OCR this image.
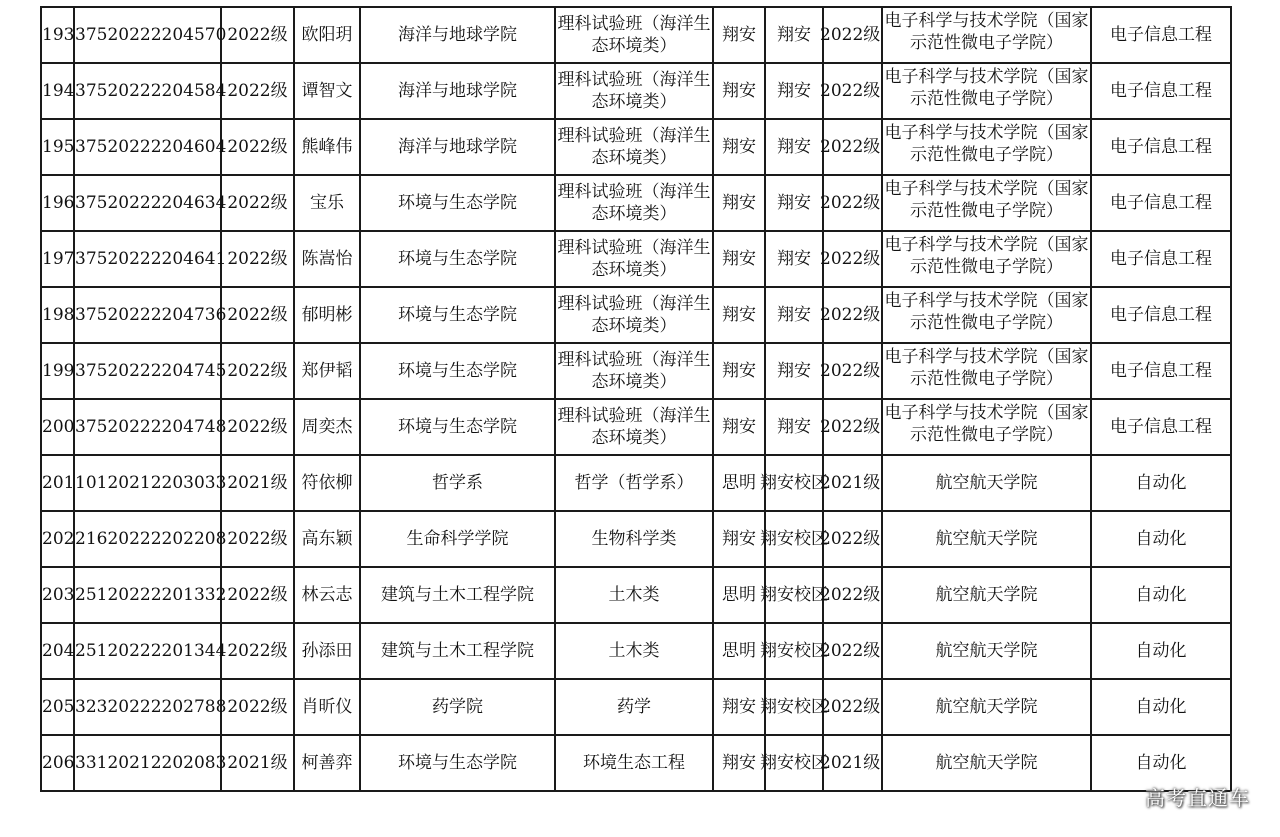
193	37520222204570	2022级	欧阳玥	海洋与地球学院	理科试验班（海洋生态环境类）	翔安	翔安	2022级	电子科学与技术学院（国家示范性微电子学院）	电子信息工程
194	37520222204584	2022级	谭智文	海洋与地球学院	理科试验班（海洋生态环境类）	翔安	翔安	2022级	电子科学与技术学院（国家示范性微电子学院）	电子信息工程
195	37520222204604	2022级	熊峰伟	海洋与地球学院	理科试验班（海洋生态环境类）	翔安	翔安	2022级	电子科学与技术学院（国家示范性微电子学院）	电子信息工程
196	37520222204634	2022级	宝乐	环境与生态学院	理科试验班（海洋生态环境类）	翔安	翔安	2022级	电子科学与技术学院（国家示范性微电子学院）	电子信息工程
197	37520222204641	2022级	陈嵩怡	环境与生态学院	理科试验班（海洋生态环境类）	翔安	翔安	2022级	电子科学与技术学院（国家示范性微电子学院）	电子信息工程
198	37520222204736	2022级	郁明彬	环境与生态学院	理科试验班（海洋生态环境类）	翔安	翔安	2022级	电子科学与技术学院（国家示范性微电子学院）	电子信息工程
199	37520222204745	2022级	郑伊韬	环境与生态学院	理科试验班（海洋生态环境类）	翔安	翔安	2022级	电子科学与技术学院（国家示范性微电子学院）	电子信息工程
200	37520222204748	2022级	周奕杰	环境与生态学院	理科试验班（海洋生态环境类）	翔安	翔安	2022级	电子科学与技术学院（国家示范性微电子学院）	电子信息工程
201	10120212203033	2021级	符依柳	哲学系	哲学（哲学系）	思明	翔安校区	2021级	航空航天学院	自动化
202	21620222202208	2022级	高东颖	生命科学学院	生物科学类	翔安	翔安校区	2022级	航空航天学院	自动化
203	25120222201332	2022级	林云志	建筑与土木工程学院	土木类	思明	翔安校区	2022级	航空航天学院	自动化
204	25120222201344	2022级	孙添田	建筑与土木工程学院	土木类	思明	翔安校区	2022级	航空航天学院	自动化
205	32320222202788	2022级	肖昕仪	药学院	药学	翔安	翔安校区	2022级	航空航天学院	自动化
206	33120212202083	2021级	柯善弈	环境与生态学院	环境生态工程	翔安	翔安校区	2021级	航空航天学院	自动化
高考直通车
